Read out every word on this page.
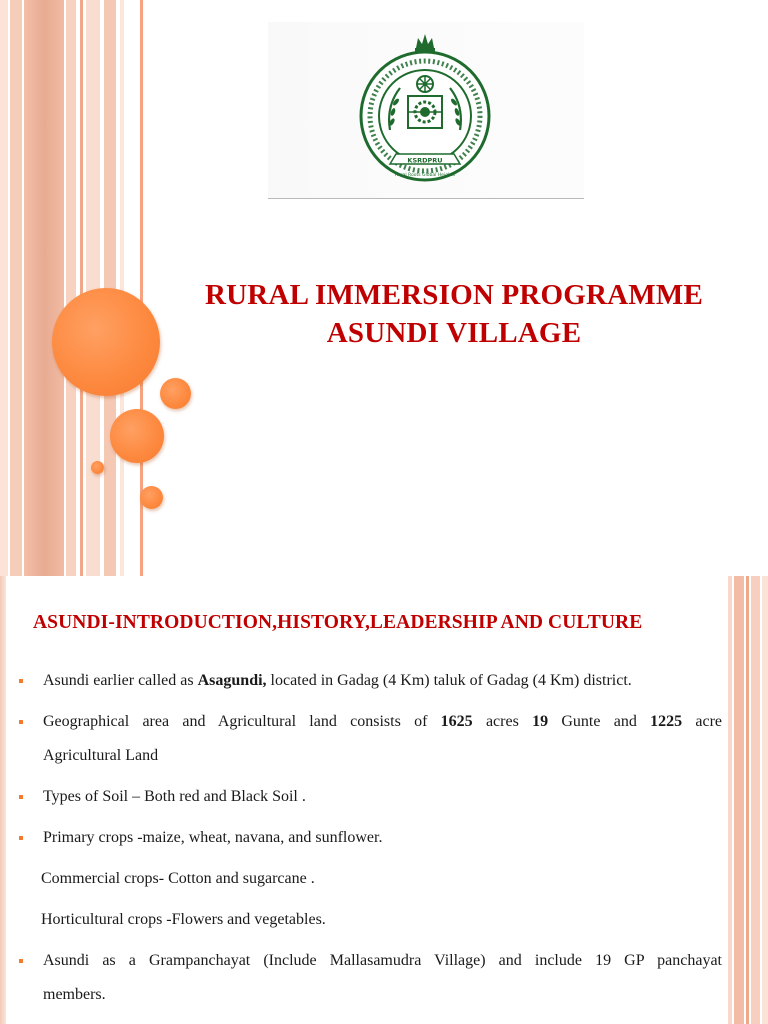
KSRDPRU
Rural Roots Global Heights
RURAL IMMERSION PROGRAMME
ASUNDI VILLAGE
ASUNDI-INTRODUCTION,HISTORY,LEADERSHIP AND CULTURE
Asundi earlier called as Asagundi, located in Gadag (4 Km) taluk of Gadag (4 Km) district.
Geographical area and Agricultural land consists of 1625 acres 19 Gunte and 1225 acre
Agricultural Land
Types of Soil – Both red and Black Soil .
Primary crops -maize, wheat, navana, and sunflower.
Commercial crops- Cotton and sugarcane .
Horticultural crops -Flowers and vegetables.
Asundi as a Grampanchayat (Include Mallasamudra Village) and include 19 GP panchayat
members.
